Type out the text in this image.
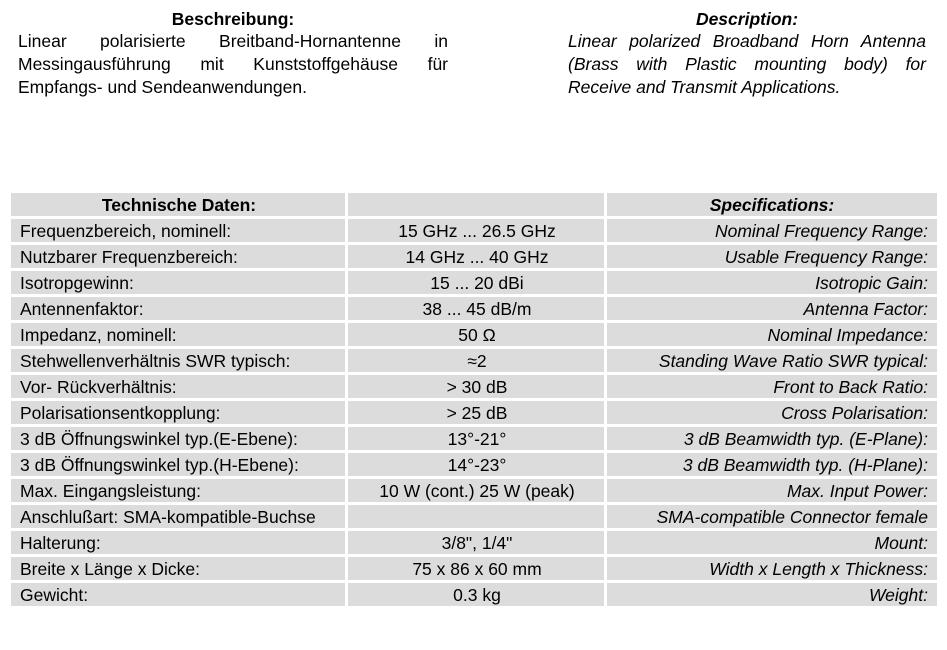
Beschreibung:
Linear polarisierte Breitband-Hornantenne in Messingausführung mit Kunststoffgehäuse für Empfangs- und Sendeanwendungen.
Description:
Linear polarized Broadband Horn Antenna (Brass with Plastic mounting body) for Receive and Transmit Applications.
Technische Daten:		Specifications:
Frequenzbereich, nominell:	15 GHz ... 26.5 GHz	Nominal Frequency Range:
Nutzbarer Frequenzbereich:	14 GHz ... 40 GHz	Usable Frequency Range:
Isotropgewinn:	15 ... 20 dBi	Isotropic Gain:
Antennenfaktor:	38 ... 45 dB/m	Antenna Factor:
Impedanz, nominell:	50 Ω	Nominal Impedance:
Stehwellenverhältnis SWR typisch:	≈2	Standing Wave Ratio SWR typical:
Vor- Rückverhältnis:	> 30 dB	Front to Back Ratio:
Polarisationsentkopplung:	> 25 dB	Cross Polarisation:
3 dB Öffnungswinkel typ.(E-Ebene):	13°-21°	3 dB Beamwidth typ. (E-Plane):
3 dB Öffnungswinkel typ.(H-Ebene):	14°-23°	3 dB Beamwidth typ. (H-Plane):
Max. Eingangsleistung:	10 W (cont.) 25 W (peak)	Max. Input Power:
Anschlußart: SMA-kompatible-Buchse		SMA-compatible Connector female
Halterung:	3/8", 1/4"	Mount:
Breite x Länge x Dicke:	75 x 86 x 60 mm	Width x Length x Thickness:
Gewicht:	0.3 kg	Weight:
